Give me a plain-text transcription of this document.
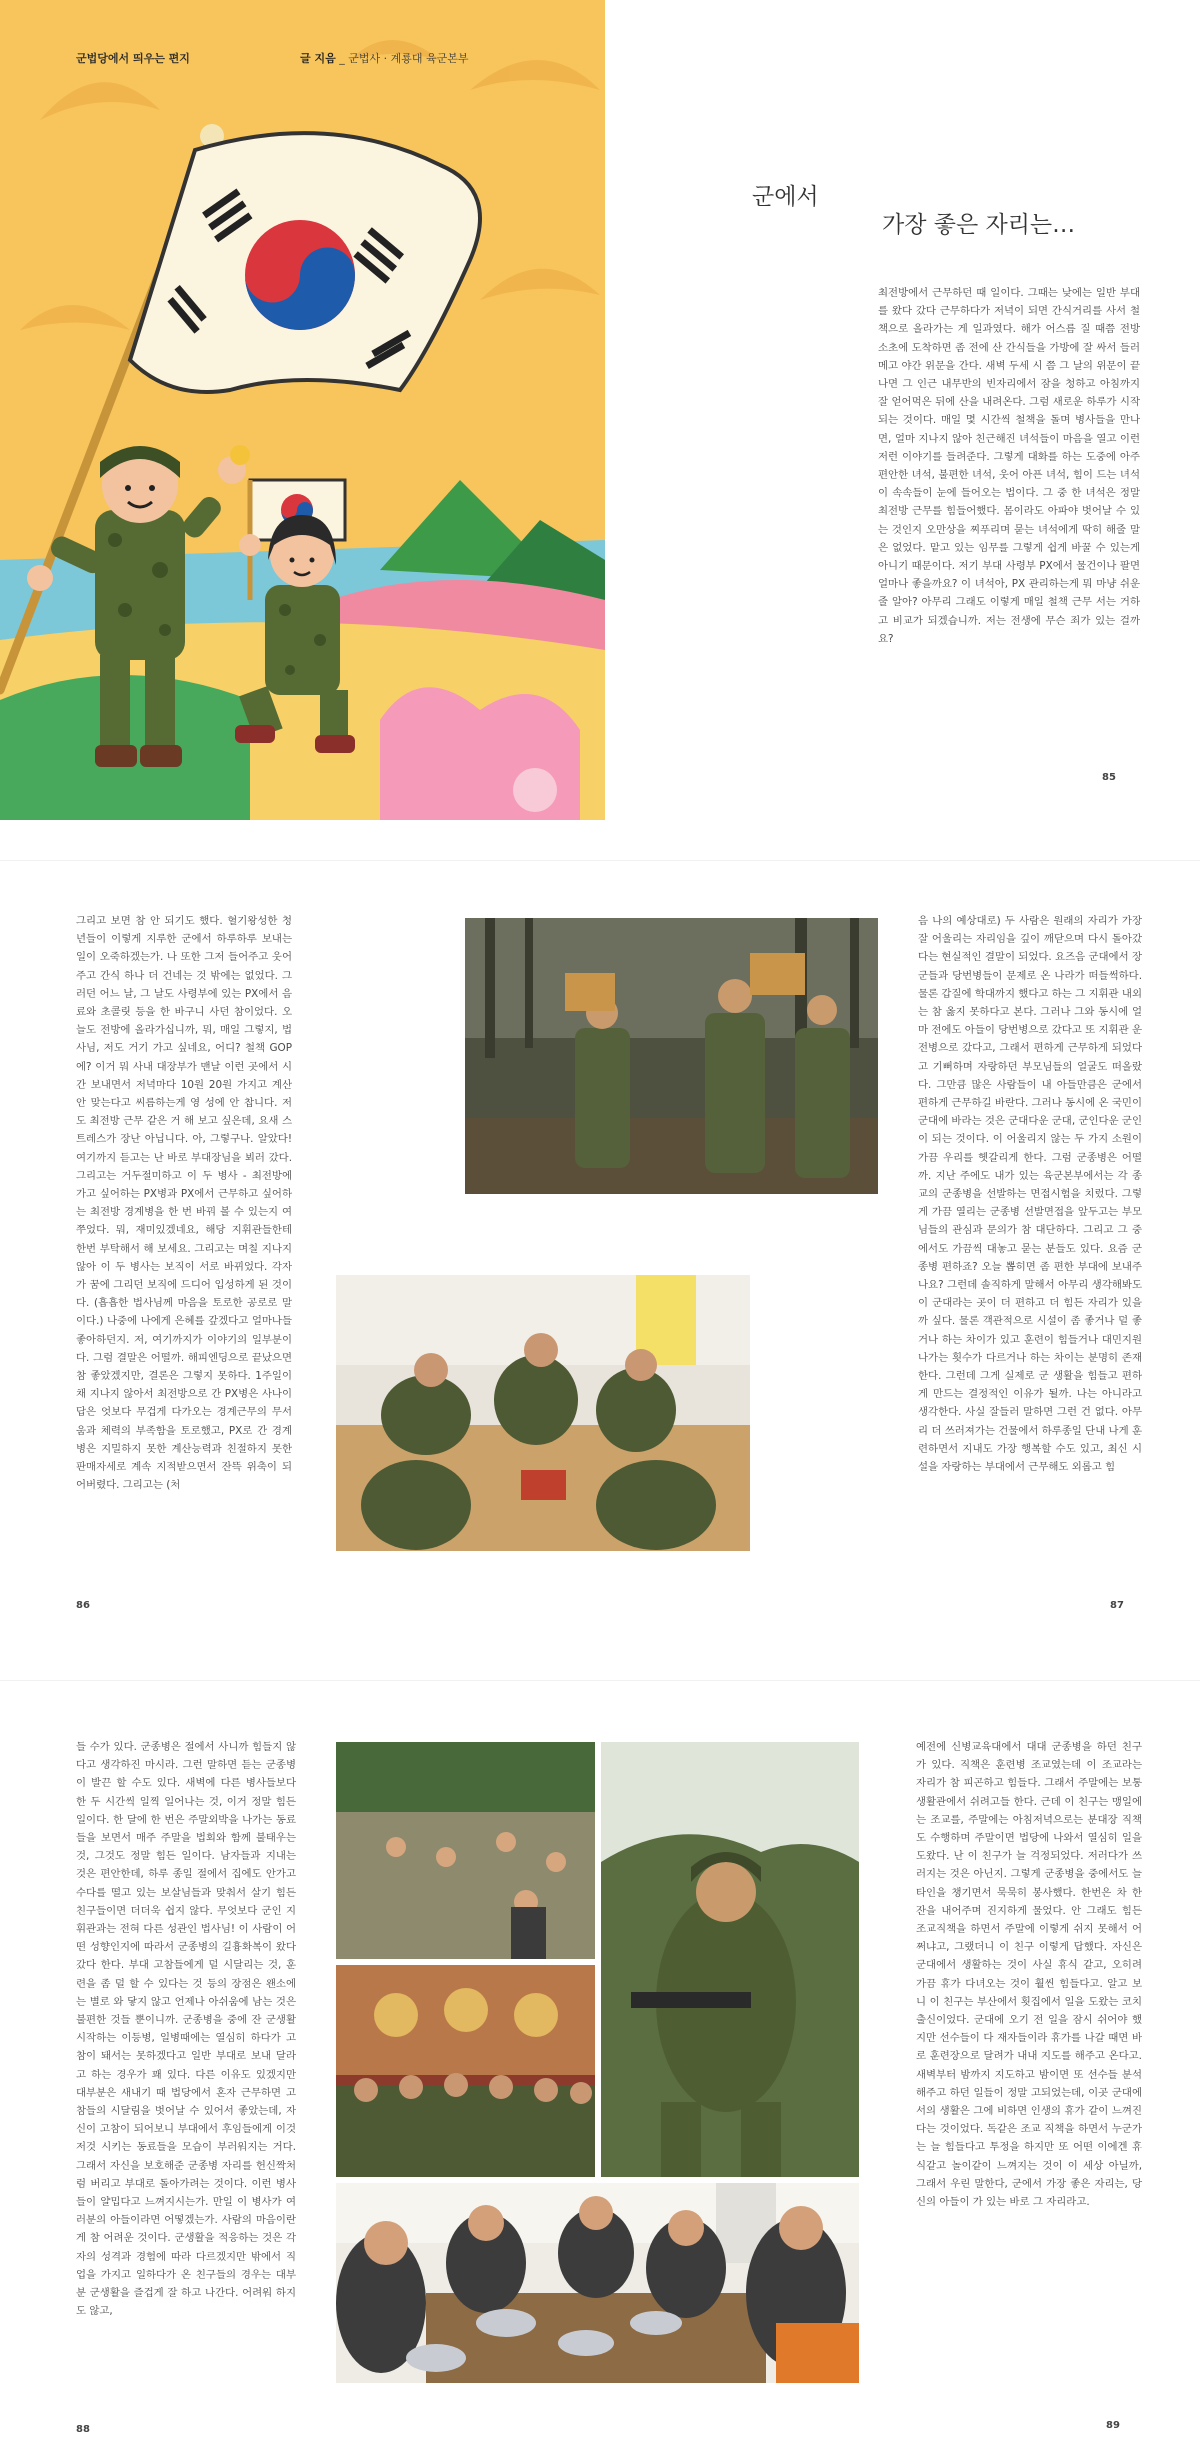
군법당에서 띄우는 편지	글 지음 _ 군법사 · 계룡대 육군본부
군에서
가장 좋은 자리는…

최전방에서 근무하던 때 일이다. 그때는 낮에는 일반 부대를 왔다 갔다 근무하다가 저녁이 되면 간식거리를 사서 철책으로 올라가는 게 일과였다. 해가 어스름 질 때쯤 전방 소초에 도착하면 좀 전에 산 간식들을 가방에 잘 싸서 들러메고 야간 위문을 간다. 새벽 두세 시 쯤 그 날의 위문이 끝나면 그 인근 내무반의 빈자리에서 잠을 청하고 아침까지 잘 얻어먹은 뒤에 산을 내려온다. 그럼 새로운 하루가 시작되는 것이다. 매일 몇 시간씩 철책을 돌며 병사들을 만나면, 얼마 지나지 않아 친근해진 녀석들이 마음을 열고 이런 저런 이야기를 들려준다. 그렇게 대화를 하는 도중에 아주 편안한 녀석, 불편한 녀석, 웃어 아픈 녀석, 힘이 드는 녀석이 속속들이 눈에 들어오는 법이다. 그 중 한 녀석은 정말 최전방 근무를 힘들어했다. 몸이라도 아파야 벗어날 수 있는 것인지 오만상을 찌푸리며 묻는 녀석에게 딱히 해줄 말은 없었다. 맡고 있는 임무를 그렇게 쉽게 바꿀 수 있는게 아니기 때문이다. 저기 부대 사령부 PX에서 물건이나 팔면 얼마나 좋을까요? 이 녀석아, PX 관리하는게 뭐 마냥 쉬운 줄 알아? 아무리 그래도 이렇게 매일 철책 근무 서는 거하고 비교가 되겠습니까. 저는 전생에 무슨 죄가 있는 걸까요?

85

그리고 보면 참 안 되기도 했다. 혈기왕성한 청년들이 이렇게 지루한 군에서 하루하루 보내는 일이 오죽하겠는가. 나 또한 그저 들어주고 웃어주고 간식 하나 더 건네는 것 밖에는 없었다. 그러던 어느 날, 그 날도 사령부에 있는 PX에서 음료와 초콜릿 등을 한 바구니 사던 참이었다. 오늘도 전방에 올라가십니까, 뭐, 매일 그렇지, 법사님, 저도 거기 가고 싶네요, 어디? 철책 GOP에? 이거 뭐 사내 대장부가 맨날 이런 곳에서 시간 보내면서 저녁마다 10원 20원 가지고 계산 안 맞는다고 씨름하는게 영 성에 안 찹니다. 저도 최전방 근무 같은 거 해 보고 싶은데, 요새 스트레스가 장난 아닙니다. 아, 그렇구나. 알았다! 여기까지 듣고는 난 바로 부대장님을 뵈러 갔다. 그리고는 거두절미하고 이 두 병사 - 최전방에 가고 싶어하는 PX병과 PX에서 근무하고 싶어하는 최전방 경계병을 한 번 바꿔 볼 수 있는지 여쭈었다. 뭐, 재미있겠네요, 해당 지휘관들한테 한번 부탁해서 해 보세요. 그리고는 며칠 지나지 않아 이 두 병사는 보직이 서로 바뀌었다. 각자가 꿈에 그리던 보직에 드디어 입성하게 된 것이다. (흡흡한 법사님께 마음을 토로한 공로로 말이다.) 나중에 나에게 은혜를 갚겠다고 얼마나들 좋아하던지. 저, 여기까지가 이야기의 일부분이다. 그럼 결말은 어떨까. 해피엔딩으로 끝났으면 참 좋았겠지만, 결론은 그렇지 못하다. 1주일이 채 지나지 않아서 최전방으로 간 PX병은 사나이답은 엇보다 무겁게 다가오는 경계근무의 무서움과 체력의 부족함을 토로했고, PX로 간 경계병은 지밀하지 못한 계산능력과 친절하지 못한 판매자세로 계속 지적받으면서 잔뜩 위축이 되어버렸다. 그리고는 (처

음 나의 예상대로) 두 사람은 원래의 자리가 가장 잘 어울리는 자리임을 깊이 깨닫으며 다시 돌아갔다는 현실적인 결말이 되었다. 요즈음 군대에서 장군들과 당번병들이 문제로 온 나라가 떠들썩하다. 물론 갑질에 학대까지 했다고 하는 그 지휘관 내외는 참 옳지 못하다고 본다. 그러나 그와 동시에 얼마 전에도 아들이 당번병으로 갔다고 또 지휘관 운전병으로 갔다고, 그래서 편하게 근무하게 되었다고 기뻐하며 자랑하던 부모님들의 얼굴도 떠올랐다. 그만큼 많은 사람들이 내 아들만큼은 군에서 편하게 근무하길 바란다. 그러나 동시에 온 국민이 군대에 바라는 것은 군대다운 군대, 군인다운 군인이 되는 것이다. 이 어울리지 않는 두 가지 소원이 가끔 우리를 헷갈리게 한다. 그럼 군종병은 어떨까. 지난 주에도 내가 있는 육군본부에서는 각 종교의 군종병을 선발하는 면접시험을 치렀다. 그렇게 가끔 열리는 군종병 선발면접을 앞두고는 부모님들의 관심과 문의가 참 대단하다. 그리고 그 중에서도 가끔씩 대놓고 묻는 분들도 있다. 요즘 군종병 편하죠? 오늘 뽑히면 좀 편한 부대에 보내주나요? 그런데 솔직하게 말해서 아무리 생각해봐도 이 군대라는 곳이 더 편하고 더 힘든 자리가 있을까 싶다. 물론 객관적으로 시설이 좀 좋거나 덜 좋거나 하는 차이가 있고 훈련이 힘들거나 대민지원 나가는 횟수가 다르거나 하는 차이는 분명히 존재한다. 그런데 그게 실제로 군 생활을 힘들고 편하게 만드는 결정적인 이유가 될까. 나는 아니라고 생각한다. 사실 잘들러 말하면 그런 건 없다. 아무리 더 쓰러져가는 건물에서 하루종일 단내 나게 훈련하면서 지내도 가장 행복할 수도 있고, 최신 시설을 자랑하는 부대에서 근무해도 외롭고 힘

86	87

들 수가 있다. 군종병은 절에서 사니까 힘들지 않다고 생각하진 마시라. 그런 말하면 듣는 군종병이 발끈 할 수도 있다. 새벽에 다른 병사들보다 한 두 시간씩 일찍 일어나는 것, 이거 정말 힘든 일이다. 한 달에 한 번은 주말외박을 나가는 동료들을 보면서 매주 주말을 법회와 함께 불태우는 것, 그것도 정말 힘든 일이다. 남자들과 지내는 것은 편안한데, 하루 종일 절에서 집에도 안가고 수다를 떨고 있는 보살님들과 맞춰서 살기 힘든 친구들이면 더더욱 쉽지 않다. 무엇보다 군인 지휘관과는 전혀 다른 성관인 법사님! 이 사람이 어떤 성향인지에 따라서 군종병의 길흉화복이 왔다갔다 한다. 부대 고참들에게 덜 시달리는 것, 훈련을 좀 덜 할 수 있다는 것 등의 장점은 왠소에는 별로 와 닿지 않고 언제나 아쉬움에 남는 것은 불편한 것들 뿐이니까. 군종병을 중에 잔 군생활 시작하는 이등병, 일병때에는 열심히 하다가 고참이 돼서는 못하겠다고 일반 부대로 보내 달라고 하는 경우가 꽤 있다. 다른 이유도 있겠지만 대부분은 새내기 때 법당에서 혼자 근무하면 고참들의 시달림을 벗어날 수 있어서 좋았는데, 자신이 고참이 되어보니 부대에서 후임들에게 이것 저것 시키는 동료들을 모습이 부러워지는 거다. 그래서 자신을 보호해준 군종병 자리를 헌신짝처럼 버리고 부대로 돌아가려는 것이다. 이런 병사들이 얄밉다고 느껴지시는가. 만일 이 병사가 여러분의 아들이라면 어떻겠는가. 사람의 마음이란 게 참 어려운 것이다. 군생활을 적응하는 것은 각자의 성격과 경험에 따라 다르겠지만 밖에서 직업을 가지고 일하다가 온 친구들의 경우는 대부분 군생활을 즐겁게 잘 하고 나간다. 어려워 하지도 않고,

예전에 신병교육대에서 대대 군종병을 하던 친구가 있다. 직책은 훈련병 조교였는데 이 조교라는 자리가 참 피곤하고 힘들다. 그래서 주말에는 보통 생활관에서 쉬려고들 한다. 근데 이 친구는 맹일에는 조교를, 주말에는 아침저녁으로는 분대장 직책도 수행하며 주말이면 법당에 나와서 열심히 일을 도왔다. 난 이 친구가 늘 걱정되었다. 저러다가 쓰러지는 것은 아닌지. 그렇게 군종병을 중에서도 늘 타인을 챙기면서 묵묵히 봉사했다. 한번은 차 한 잔을 내어주며 진지하게 물었다. 안 그래도 힘든 조교직책을 하면서 주말에 이렇게 쉬지 못해서 어쩌냐고, 그랬더니 이 친구 이렇게 답했다. 자신은 군대에서 생활하는 것이 사실 휴식 같고, 오히려 가끔 휴가 다녀오는 것이 훨씬 힘들다고. 알고 보니 이 친구는 부산에서 횟집에서 일을 도왔는 코치 출신이었다. 군대에 오기 전 일을 잠시 쉬어야 했지만 선수들이 다 재자들이라 휴가를 나갈 때면 바로 훈련장으로 달려가 내내 지도를 해주고 온다고. 새벽부터 밤까지 지도하고 밤이면 또 선수들 분석해주고 하던 일들이 정말 고되었는데, 이곳 군대에서의 생활은 그에 비하면 인생의 휴가 같이 느껴진다는 것이었다. 독같은 조교 직책을 하면서 누군가는 늘 힘들다고 투정을 하지만 또 어떤 이에겐 휴식같고 놀이같이 느껴지는 것이 이 세상 아닐까, 그래서 우린 말한다, 군에서 가장 좋은 자리는, 당신의 아들이 가 있는 바로 그 자리라고.

88	89
